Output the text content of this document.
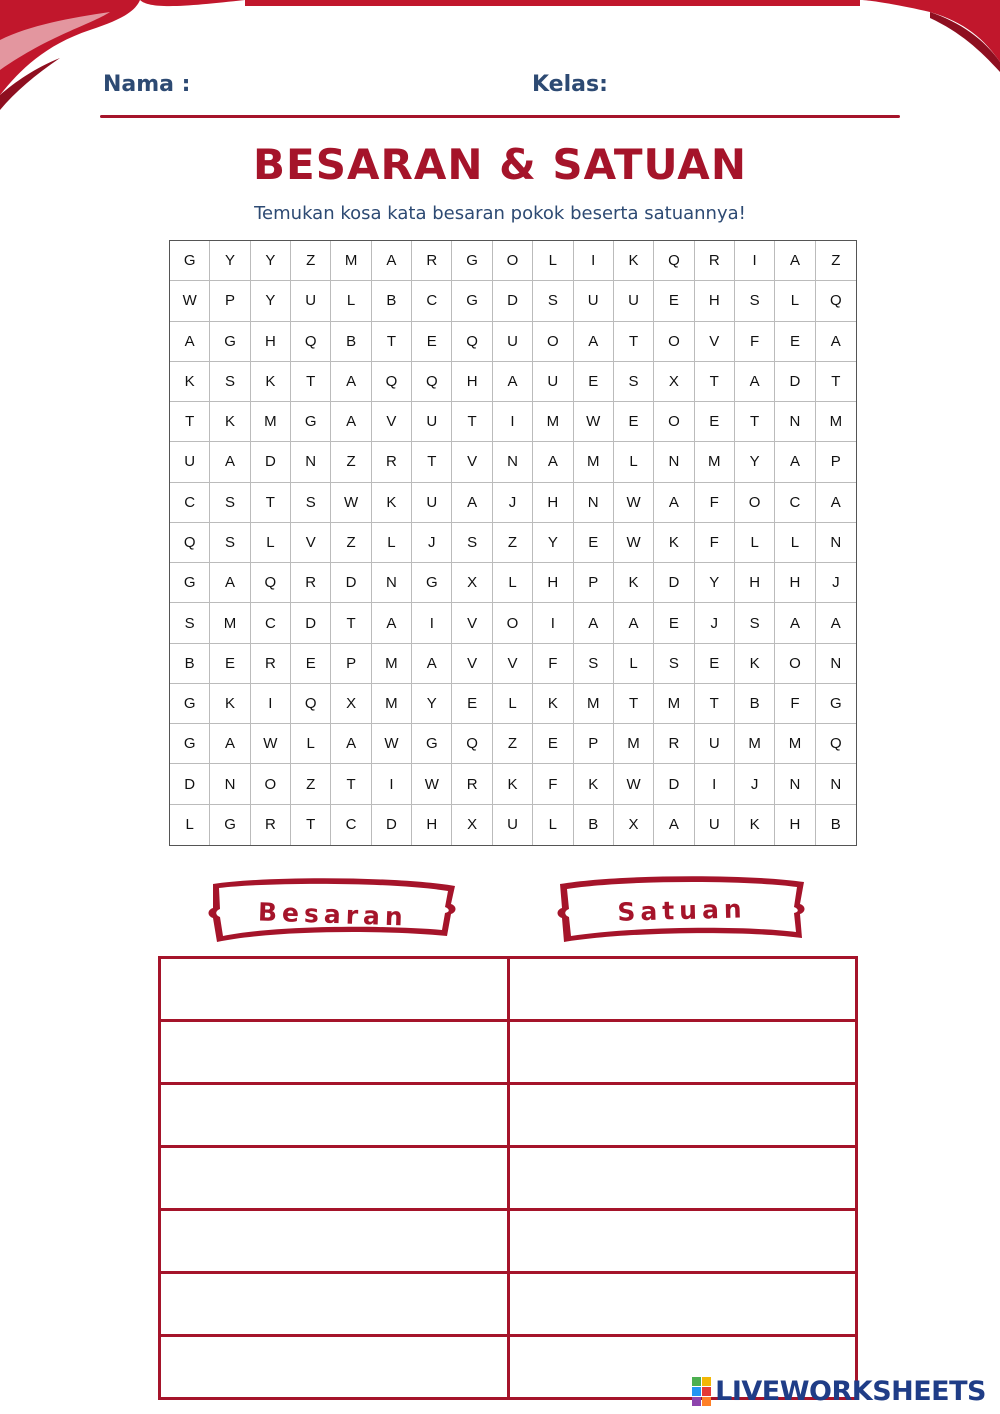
Nama :	Kelas:
BESARAN & SATUAN
Temukan kosa kata besaran pokok beserta satuannya!
G	Y	Y	Z	M	A	R	G	O	L	I	K	Q	R	I	A	Z
W	P	Y	U	L	B	C	G	D	S	U	U	E	H	S	L	Q
A	G	H	Q	B	T	E	Q	U	O	A	T	O	V	F	E	A
K	S	K	T	A	Q	Q	H	A	U	E	S	X	T	A	D	T
T	K	M	G	A	V	U	T	I	M	W	E	O	E	T	N	M
U	A	D	N	Z	R	T	V	N	A	M	L	N	M	Y	A	P
C	S	T	S	W	K	U	A	J	H	N	W	A	F	O	C	A
Q	S	L	V	Z	L	J	S	Z	Y	E	W	K	F	L	L	N
G	A	Q	R	D	N	G	X	L	H	P	K	D	Y	H	H	J
S	M	C	D	T	A	I	V	O	I	A	A	E	J	S	A	A
B	E	R	E	P	M	A	V	V	F	S	L	S	E	K	O	N
G	K	I	Q	X	M	Y	E	L	K	M	T	M	T	B	F	G
G	A	W	L	A	W	G	Q	Z	E	P	M	R	U	M	M	Q
D	N	O	Z	T	I	W	R	K	F	K	W	D	I	J	N	N
L	G	R	T	C	D	H	X	U	L	B	X	A	U	K	H	B
Besaran	Satuan

LIVEWORKSHEETS
